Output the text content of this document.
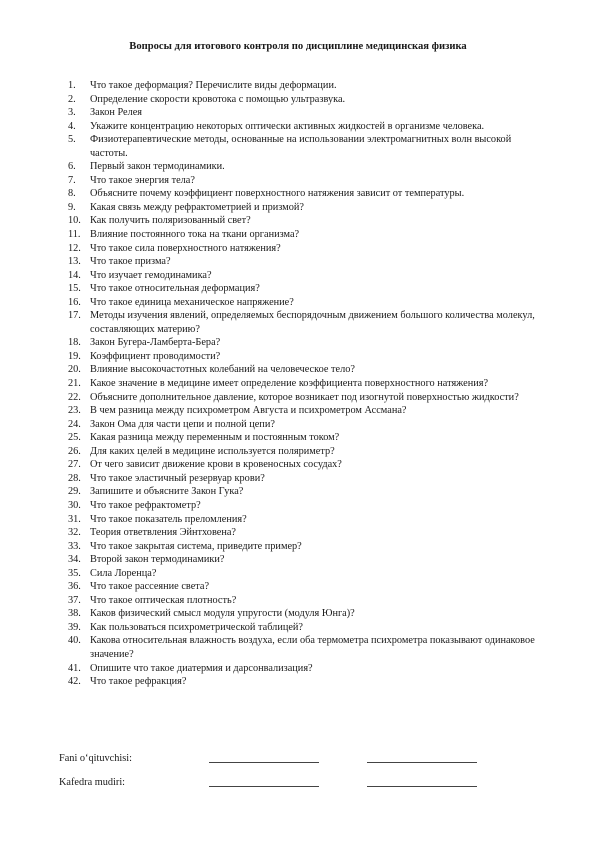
Вопросы для итогового контроля по дисциплине медицинская физика
1.	Что такое деформация? Перечислите виды деформации.
2.	Определение скорости кровотока с помощью ультразвука.
3.	Закон Релея
4.	Укажите концентрацию некоторых оптически активных жидкостей в организме человека.
5.	Физиотерапевтические методы, основанные на использовании электромагнитных волн высокой частоты.
6.	Первый закон термодинамики.
7.	Что такое энергия тела?
8.	Объясните почему коэффициент поверхностного натяжения зависит от температуры.
9.	Какая связь между рефрактометрией и призмой?
10. Как получить поляризованный свет?
11. Влияние постоянного тока на ткани организма?
12. Что такое сила поверхностного натяжения?
13. Что такое призма?
14. Что изучает гемодинамика?
15. Что такое относительная деформация?
16. Что такое единица механическое напряжение?
17. Методы изучения явлений, определяемых беспорядочным движением большого количества молекул, составляющих материю?
18. Закон Бугера-Ламберта-Бера?
19. Коэффициент проводимости?
20. Влияние высокочастотных колебаний на человеческое тело?
21. Какое значение в медицине имеет определение коэффициента поверхностного натяжения?
22. Объясните дополнительное давление, которое возникает под изогнутой поверхностью жидкости?
23. В чем разница между психрометром Августа и психрометром Ассмана?
24. Закон Ома для части цепи и полной цепи?
25. Какая разница между переменным и постоянным током?
26. Для каких целей в медицине используется поляриметр?
27. От чего зависит движение крови в кровеносных сосудах?
28. Что такое эластичный резервуар крови?
29. Запишите и объясните Закон Гука?
30. Что такое рефрактометр?
31. Что такое показатель преломления?
32. Теория ответвления Эйнтховена?
33. Что такое закрытая система, приведите пример?
34. Второй закон термодинамики?
35. Сила Лоренца?
36. Что такое рассеяние света?
37. Что такое оптическая плотность?
38. Каков физический смысл модуля упругости (модуля Юнга)?
39. Как пользоваться психрометрической таблицей?
40. Какова относительная влажность воздуха, если оба термометра психрометра показывают одинаковое значение?
41. Опишите что такое диатермия и дарсонвализация?
42. Что такое рефракция?
Fani o‘qituvchisi:
Kafedra mudiri:
